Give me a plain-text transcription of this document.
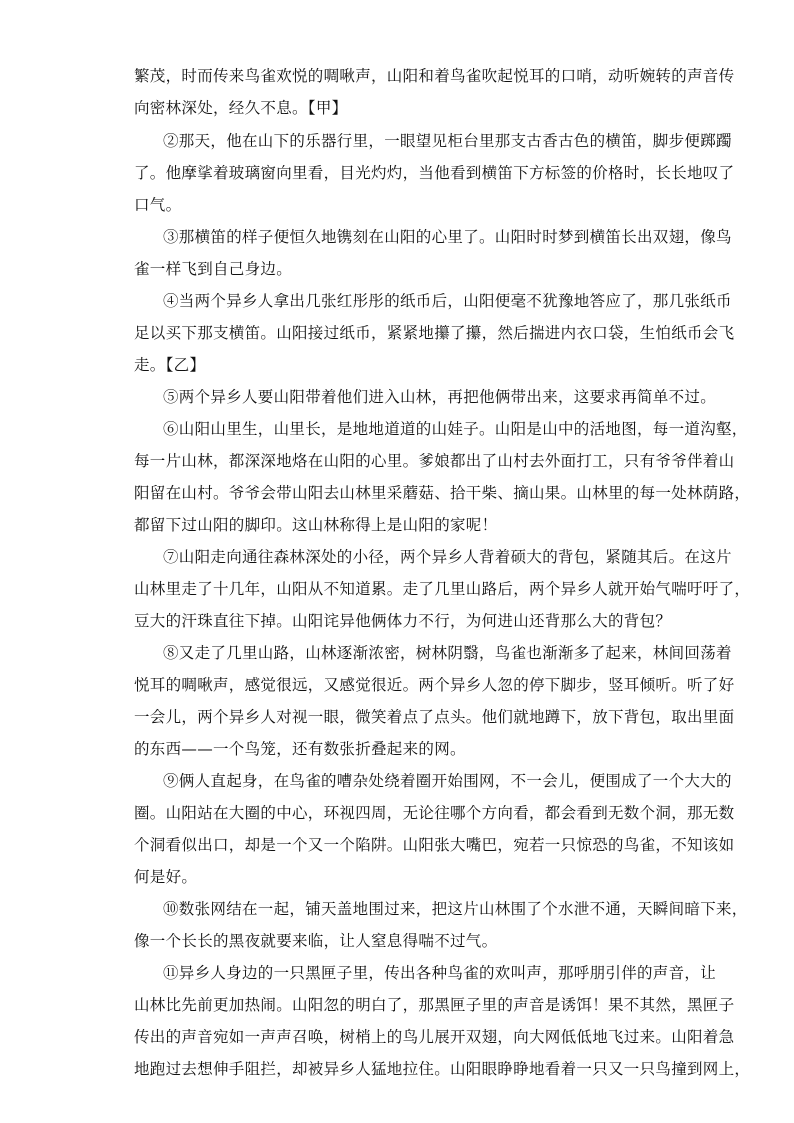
繁茂，时而传来鸟雀欢悦的啁啾声，山阳和着鸟雀吹起悦耳的口哨，动听婉转的声音传
向密林深处，经久不息。【甲】
②那天，他在山下的乐器行里，一眼望见柜台里那支古香古色的横笛，脚步便踯躅
了。他摩挲着玻璃窗向里看，目光灼灼，当他看到横笛下方标签的价格时，长长地叹了
口气。
③那横笛的样子便恒久地镌刻在山阳的心里了。山阳时时梦到横笛长出双翅，像鸟
雀一样飞到自己身边。
④当两个异乡人拿出几张红彤彤的纸币后，山阳便毫不犹豫地答应了，那几张纸币
足以买下那支横笛。山阳接过纸币，紧紧地攥了攥，然后揣进内衣口袋，生怕纸币会飞
走。【乙】
⑤两个异乡人要山阳带着他们进入山林，再把他俩带出来，这要求再简单不过。
⑥山阳山里生，山里长，是地地道道的山娃子。山阳是山中的活地图，每一道沟壑，
每一片山林，都深深地烙在山阳的心里。爹娘都出了山村去外面打工，只有爷爷伴着山
阳留在山村。爷爷会带山阳去山林里采蘑菇、拾干柴、摘山果。山林里的每一处林荫路，
都留下过山阳的脚印。这山林称得上是山阳的家呢！
⑦山阳走向通往森林深处的小径，两个异乡人背着硕大的背包，紧随其后。在这片
山林里走了十几年，山阳从不知道累。走了几里山路后，两个异乡人就开始气喘吁吁了，
豆大的汗珠直往下掉。山阳诧异他俩体力不行，为何进山还背那么大的背包？
⑧又走了几里山路，山林逐渐浓密，树林阴翳，鸟雀也渐渐多了起来，林间回荡着
悦耳的啁啾声，感觉很远，又感觉很近。两个异乡人忽的停下脚步，竖耳倾听。听了好
一会儿，两个异乡人对视一眼，微笑着点了点头。他们就地蹲下，放下背包，取出里面
的东西——一个鸟笼，还有数张折叠起来的网。
⑨俩人直起身，在鸟雀的嘈杂处绕着圈开始围网，不一会儿，便围成了一个大大的
圈。山阳站在大圈的中心，环视四周，无论往哪个方向看，都会看到无数个洞，那无数
个洞看似出口，却是一个又一个陷阱。山阳张大嘴巴，宛若一只惊恐的鸟雀，不知该如
何是好。
⑩数张网结在一起，铺天盖地围过来，把这片山林围了个水泄不通，天瞬间暗下来，
像一个长长的黑夜就要来临，让人窒息得喘不过气。
⑪异乡人身边的一只黑匣子里，传出各种鸟雀的欢叫声，那呼朋引伴的声音，让
山林比先前更加热闹。山阳忽的明白了，那黑匣子里的声音是诱饵！果不其然，黑匣子
传出的声音宛如一声声召唤，树梢上的鸟儿展开双翅，向大网低低地飞过来。山阳着急
地跑过去想伸手阻拦，却被异乡人猛地拉住。山阳眼睁睁地看着一只又一只鸟撞到网上，
